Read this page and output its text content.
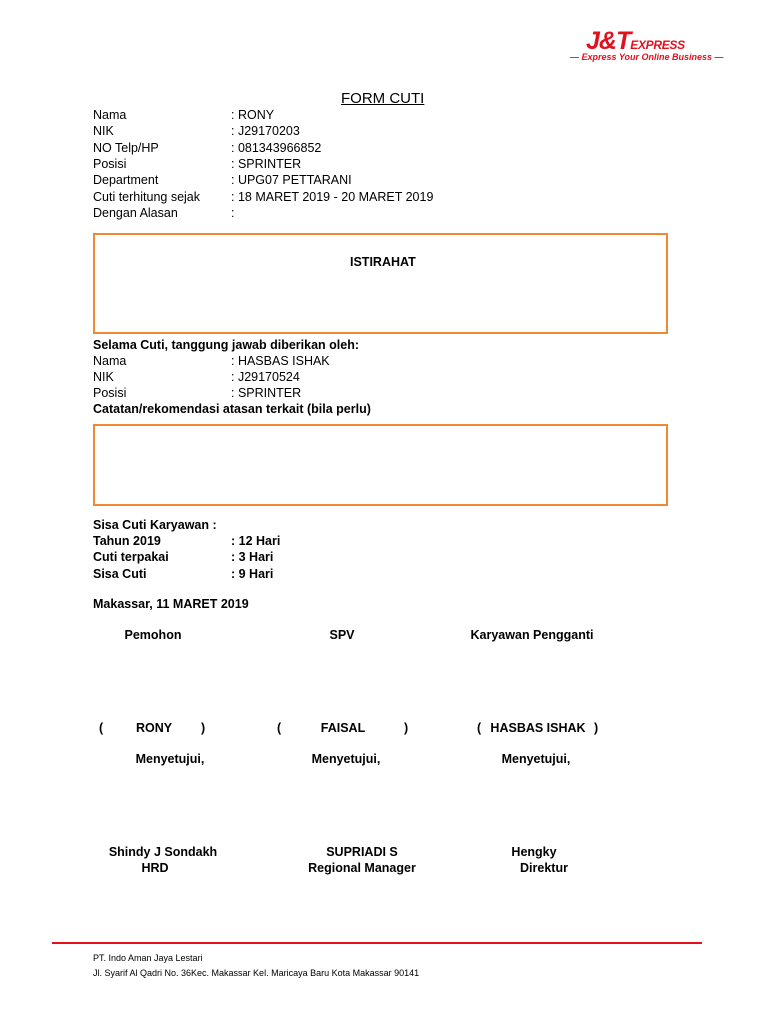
J&TEXPRESS
— Express Your Online Business —
FORM CUTI
Nama	: RONY
NIK	: J29170203
NO Telp/HP	: 081343966852
Posisi	: SPRINTER
Department	: UPG07 PETTARANI
Cuti terhitung sejak : 18 MARET 2019 - 20 MARET 2019
Dengan Alasan	:
ISTIRAHAT
Selama Cuti, tanggung jawab diberikan oleh:
Nama	: HASBAS ISHAK
NIK	: J29170524
Posisi	: SPRINTER
Catatan/rekomendasi atasan terkait (bila perlu)
Sisa Cuti Karyawan :
Tahun 2019	: 12 Hari
Cuti terpakai	: 3 Hari
Sisa Cuti	: 9 Hari
Makassar, 11 MARET 2019
Pemohon	SPV	Karyawan Pengganti
(	RONY	)	(	FAISAL	)	( HASBAS ISHAK )
Menyetujui,	Menyetujui,	Menyetujui,
Shindy J Sondakh
HRD
SUPRIADI S
Regional Manager
Hengky
Direktur
PT. Indo Aman Jaya Lestari
Jl. Syarif Al Qadri No. 36Kec. Makassar Kel. Maricaya Baru Kota Makassar 90141
